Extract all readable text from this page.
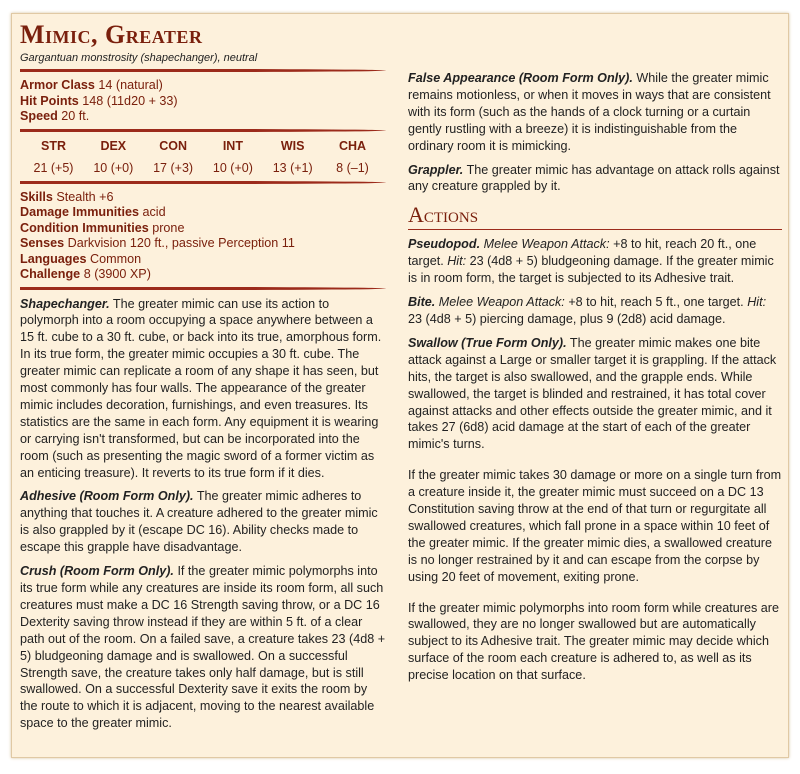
Mimic, Greater
Gargantuan monstrosity (shapechanger), neutral
Armor Class 14 (natural)
Hit Points 148 (11d20 + 33)
Speed 20 ft.
STR
21 (+5)
DEX
10 (+0)
CON
17 (+3)
INT
10 (+0)
WIS
13 (+1)
CHA
8 (–1)
Skills Stealth +6
Damage Immunities acid
Condition Immunities prone
Senses Darkvision 120 ft., passive Perception 11
Languages Common
Challenge 8 (3900 XP)

Shapechanger. The greater mimic can use its action to polymorph into a room occupying a space anywhere between a 15 ft. cube to a 30 ft. cube, or back into its true, amorphous form. In its true form, the greater mimic occupies a 30 ft. cube. The greater mimic can replicate a room of any shape it has seen, but most commonly has four walls. The appearance of the greater mimic includes decoration, furnishings, and even treasures. Its statistics are the same in each form. Any equipment it is wearing or carrying isn't transformed, but can be incorporated into the room (such as presenting the magic sword of a former victim as an enticing treasure). It reverts to its true form if it dies.

Adhesive (Room Form Only). The greater mimic adheres to anything that touches it. A creature adhered to the greater mimic is also grappled by it (escape DC 16). Ability checks made to escape this grapple have disadvantage.

Crush (Room Form Only). If the greater mimic polymorphs into its true form while any creatures are inside its room form, all such creatures must make a DC 16 Strength saving throw, or a DC 16 Dexterity saving throw instead if they are within 5 ft. of a clear path out of the room. On a failed save, a creature takes 23 (4d8 + 5) bludgeoning damage and is swallowed. On a successful Strength save, the creature takes only half damage, but is still swallowed. On a successful Dexterity save it exits the room by the route to which it is adjacent, moving to the nearest available space to the greater mimic.

False Appearance (Room Form Only). While the greater mimic remains motionless, or when it moves in ways that are consistent with its form (such as the hands of a clock turning or a curtain gently rustling with a breeze) it is indistinguishable from the ordinary room it is mimicking.

Grappler. The greater mimic has advantage on attack rolls against any creature grappled by it.

Actions

Pseudopod. Melee Weapon Attack: +8 to hit, reach 20 ft., one target. Hit: 23 (4d8 + 5) bludgeoning damage. If the greater mimic is in room form, the target is subjected to its Adhesive trait.

Bite. Melee Weapon Attack: +8 to hit, reach 5 ft., one target. Hit: 23 (4d8 + 5) piercing damage, plus 9 (2d8) acid damage.

Swallow (True Form Only). The greater mimic makes one bite attack against a Large or smaller target it is grappling. If the attack hits, the target is also swallowed, and the grapple ends. While swallowed, the target is blinded and restrained, it has total cover against attacks and other effects outside the greater mimic, and it takes 27 (6d8) acid damage at the start of each of the greater mimic's turns.

If the greater mimic takes 30 damage or more on a single turn from a creature inside it, the greater mimic must succeed on a DC 13 Constitution saving throw at the end of that turn or regurgitate all swallowed creatures, which fall prone in a space within 10 feet of the greater mimic. If the greater mimic dies, a swallowed creature is no longer restrained by it and can escape from the corpse by using 20 feet of movement, exiting prone.

If the greater mimic polymorphs into room form while creatures are swallowed, they are no longer swallowed but are automatically subject to its Adhesive trait. The greater mimic may decide which surface of the room each creature is adhered to, as well as its precise location on that surface.
